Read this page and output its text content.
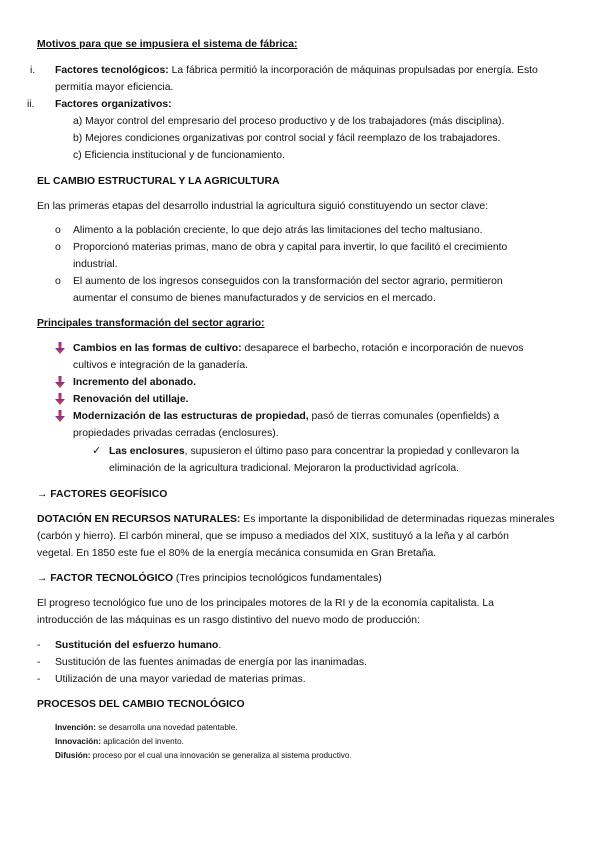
Motivos para que se impusiera el sistema de fábrica:
i. Factores tecnológicos: La fábrica permitió la incorporación de máquinas propulsadas por energía. Esto
permitía mayor eficiencia.
ii. Factores organizativos:
a) Mayor control del empresario del proceso productivo y de los trabajadores (más disciplina).
b) Mejores condiciones organizativas por control social y fácil reemplazo de los trabajadores.
c) Eficiencia institucional y de funcionamiento.
EL CAMBIO ESTRUCTURAL Y LA AGRICULTURA
En las primeras etapas del desarrollo industrial la agricultura siguió constituyendo un sector clave:
o Alimento a la población creciente, lo que dejo atrás las limitaciones del techo maltusiano.
o Proporcionó materias primas, mano de obra y capital para invertir, lo que facilitó el crecimiento
industrial.
o El aumento de los ingresos conseguidos con la transformación del sector agrario, permitieron
aumentar el consumo de bienes manufacturados y de servicios en el mercado.
Principales transformación del sector agrario:
Cambios en las formas de cultivo: desaparece el barbecho, rotación e incorporación de nuevos
cultivos e integración de la ganadería.
Incremento del abonado.
Renovación del utillaje.
Modernización de las estructuras de propiedad, pasó de tierras comunales (openfields) a
propiedades privadas cerradas (enclosures).
✓ Las enclosures, supusieron el último paso para concentrar la propiedad y conllevaron la
eliminación de la agricultura tradicional. Mejoraron la productividad agrícola.
→ FACTORES GEOFÍSICO
DOTACIÓN EN RECURSOS NATURALES: Es importante la disponibilidad de determinadas riquezas minerales
(carbón y hierro). El carbón mineral, que se impuso a mediados del XIX, sustituyó a la leña y al carbón
vegetal. En 1850 este fue el 80% de la energía mecánica consumida en Gran Bretaña.
→ FACTOR TECNOLÓGICO (Tres principios tecnológicos fundamentales)
El progreso tecnológico fue uno de los principales motores de la RI y de la economía capitalista. La
introducción de las máquinas es un rasgo distintivo del nuevo modo de producción:
- Sustitución del esfuerzo humano.
- Sustitución de las fuentes animadas de energía por las inanimadas.
- Utilización de una mayor variedad de materias primas.
PROCESOS DEL CAMBIO TECNOLÓGICO
Invención: se desarrolla una novedad patentable.
Innovación: aplicación del invento.
Difusión: proceso por el cual una innovación se generaliza al sistema productivo.
